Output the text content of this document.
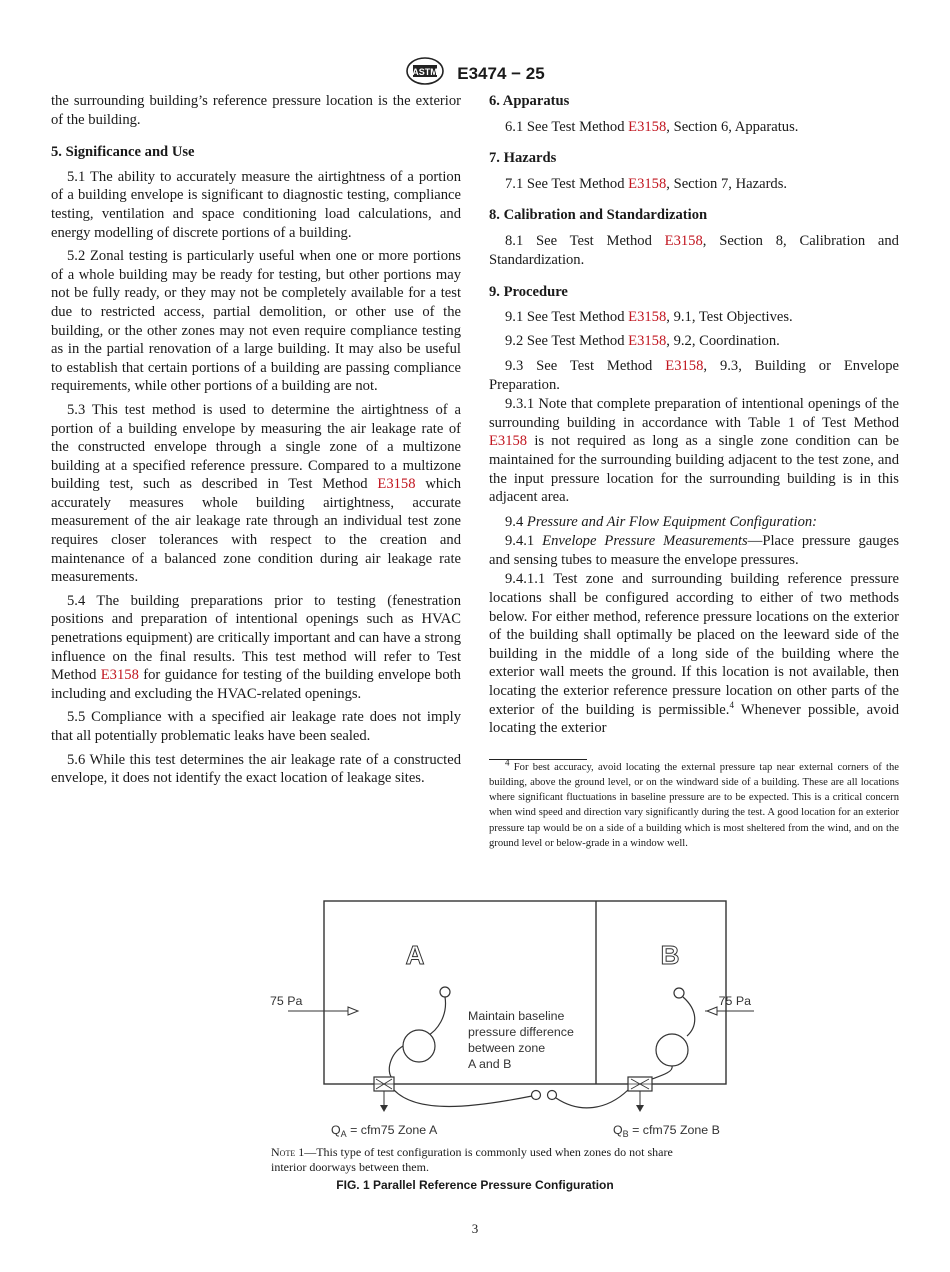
ASTM E3474 − 25

the surrounding building’s reference pressure location is the exterior of the building.

5. Significance and Use

5.1 The ability to accurately measure the airtightness of a portion of a building envelope is significant to diagnostic testing, compliance testing, ventilation and space conditioning load calculations, and energy modelling of discrete portions of a building.

5.2 Zonal testing is particularly useful when one or more portions of a whole building may be ready for testing, but other portions may not be fully ready, or they may not be completely available for a test due to restricted access, partial demolition, or other use of the building, or the other zones may not even require compliance testing as in the partial renovation of a large building. It may also be useful to establish that certain portions of a building are passing compliance requirements, while other portions of a building are not.

5.3 This test method is used to determine the airtightness of a portion of a building envelope by measuring the air leakage rate of the constructed envelope through a single zone of a multizone building at a specified reference pressure. Compared to a multizone building test, such as described in Test Method E3158 which accurately measures whole building airtightness, accurate measurement of the air leakage rate through an individual test zone requires closer tolerances with respect to the creation and maintenance of a balanced zone condition during air leakage rate measurements.

5.4 The building preparations prior to testing (fenestration positions and preparation of intentional openings such as HVAC penetrations equipment) are critically important and can have a strong influence on the final results. This test method will refer to Test Method E3158 for guidance for testing of the building envelope both including and excluding the HVAC-related openings.

5.5 Compliance with a specified air leakage rate does not imply that all potentially problematic leaks have been sealed.

5.6 While this test determines the air leakage rate of a constructed envelope, it does not identify the exact location of leakage sites.

6. Apparatus

6.1 See Test Method E3158, Section 6, Apparatus.

7. Hazards

7.1 See Test Method E3158, Section 7, Hazards.

8. Calibration and Standardization

8.1 See Test Method E3158, Section 8, Calibration and Standardization.

9. Procedure

9.1 See Test Method E3158, 9.1, Test Objectives.

9.2 See Test Method E3158, 9.2, Coordination.

9.3 See Test Method E3158, 9.3, Building or Envelope Preparation.

9.3.1 Note that complete preparation of intentional openings of the surrounding building in accordance with Table 1 of Test Method E3158 is not required as long as a single zone condition can be maintained for the surrounding building adjacent to the test zone, and the input pressure location for the surrounding building is in this adjacent area.

9.4 Pressure and Air Flow Equipment Configuration:

9.4.1 Envelope Pressure Measurements—Place pressure gauges and sensing tubes to measure the envelope pressures.

9.4.1.1 Test zone and surrounding building reference pressure locations shall be configured according to either of two methods below. For either method, reference pressure locations on the exterior of the building shall optimally be placed on the leeward side of the building in the middle of a long side of the building where the exterior wall meets the ground. If this location is not available, then locating the exterior reference pressure location on other parts of the exterior of the building is permissible.$^4$ Whenever possible, avoid locating the exterior

$^4$ For best accuracy, avoid locating the external pressure tap near external corners of the building, above the ground level, or on the windward side of a building. These are all locations where significant fluctuations in baseline pressure are to be expected. This is a critical concern when wind speed and direction vary significantly during the test. A good location for an exterior pressure tap would be on a side of a building which is most sheltered from the wind, and on the ground level or below-grade in a window well.

A	B
75 Pa	75 Pa
Maintain baseline
pressure difference
between zone
A and B
$Q_A = cfm75$ Zone A	$Q_B = cfm75$ Zone B
Note 1—This type of test configuration is commonly used when zones do not share interior doorways between them.
FIG. 1 Parallel Reference Pressure Configuration
3
